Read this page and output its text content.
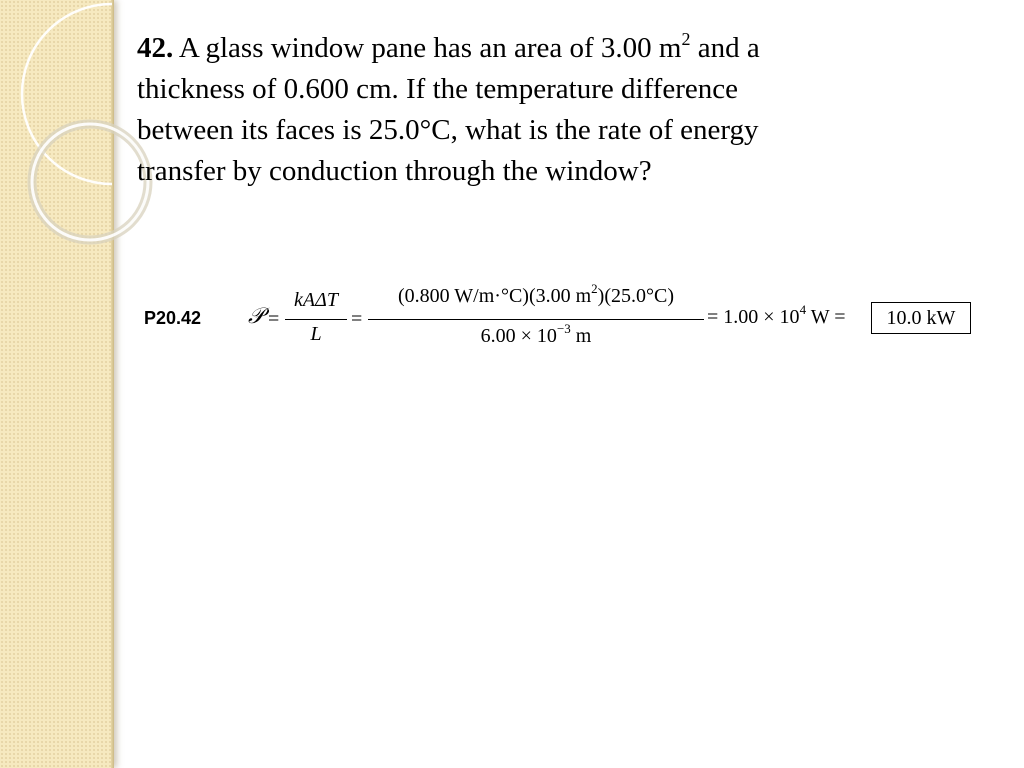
42. A glass window pane has an area of 3.00 $m^2$ and a
thickness of 0.600 cm. If the temperature difference
between its faces is 25.0°C, what is the rate of energy
transfer by conduction through the window?
P20.42 𝒫 =
kAΔT
L
=
(0.800 W/m·°C)(3.00 $m^2)(25.0^\circ C)$
$6.00 \times 10^{-3}$ m
= $1.00 \times 10^4$ W =	10.0 kW
